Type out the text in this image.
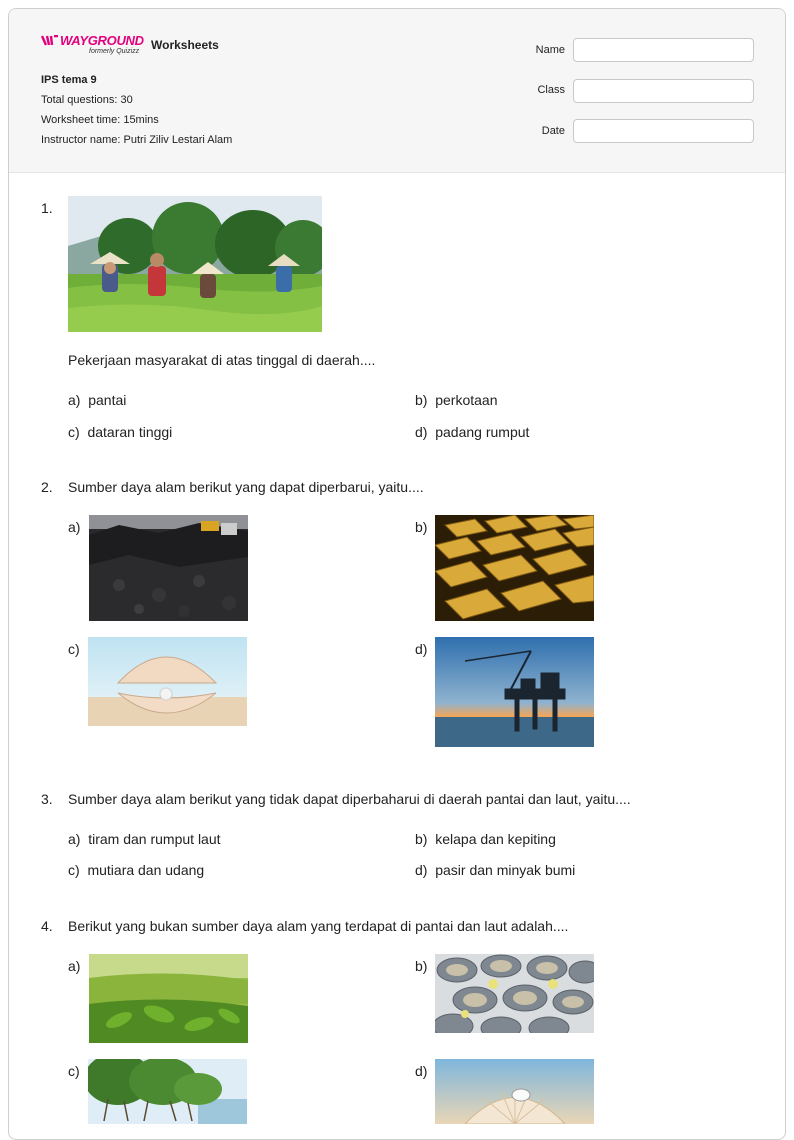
WAYGROUND
formerly Quizizz Worksheets
IPS tema 9
Total questions: 30
Worksheet time: 15mins
Instructor name: Putri Ziliv Lestari Alam
Name
Class
Date
1.
Pekerjaan masyarakat di atas tinggal di daerah....
a) pantai	b) perkotaan
c) dataran tinggi	d) padang rumput
2. Sumber daya alam berikut yang dapat diperbarui, yaitu....
a)	b)
c)	d)
3. Sumber daya alam berikut yang tidak dapat diperbaharui di daerah pantai dan laut, yaitu....
a) tiram dan rumput laut	b) kelapa dan kepiting
c) mutiara dan udang	d) pasir dan minyak bumi
4. Berikut yang bukan sumber daya alam yang terdapat di pantai dan laut adalah....
a)	b)
c)	d)
